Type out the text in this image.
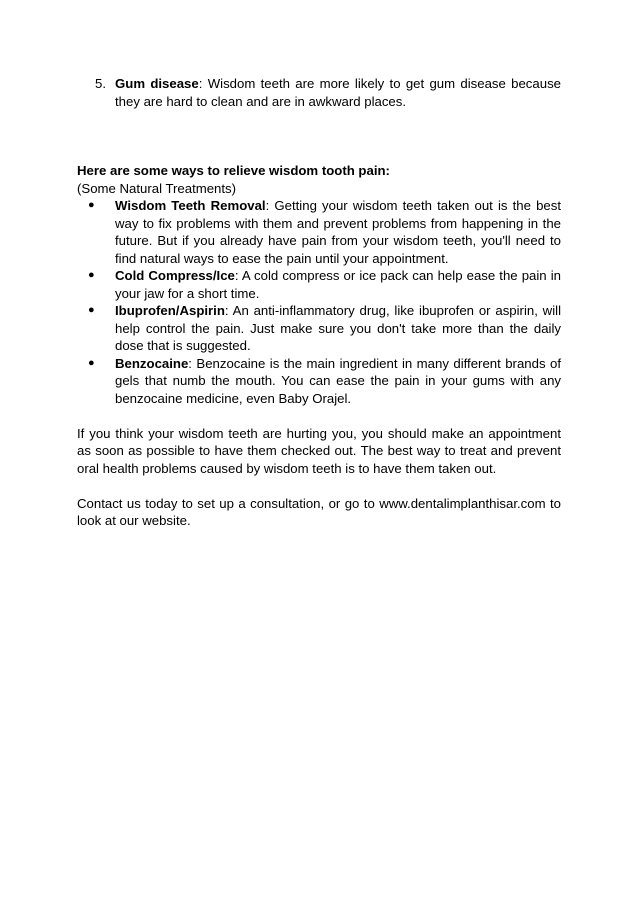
5. Gum disease: Wisdom teeth are more likely to get gum disease because they are hard to clean and are in awkward places.
Here are some ways to relieve wisdom tooth pain:
(Some Natural Treatments)
●	Wisdom Teeth Removal: Getting your wisdom teeth taken out is the best way to fix problems with them and prevent problems from happening in the future. But if you already have pain from your wisdom teeth, you'll need to find natural ways to ease the pain until your appointment.
●	Cold Compress/Ice: A cold compress or ice pack can help ease the pain in your jaw for a short time.
●	Ibuprofen/Aspirin: An anti-inflammatory drug, like ibuprofen or aspirin, will help control the pain. Just make sure you don't take more than the daily dose that is suggested.
●	Benzocaine: Benzocaine is the main ingredient in many different brands of gels that numb the mouth. You can ease the pain in your gums with any benzocaine medicine, even Baby Orajel.

If you think your wisdom teeth are hurting you, you should make an appointment as soon as possible to have them checked out. The best way to treat and prevent oral health problems caused by wisdom teeth is to have them taken out.

Contact us today to set up a consultation, or go to www.dentalimplanthisar.com to look at our website.
